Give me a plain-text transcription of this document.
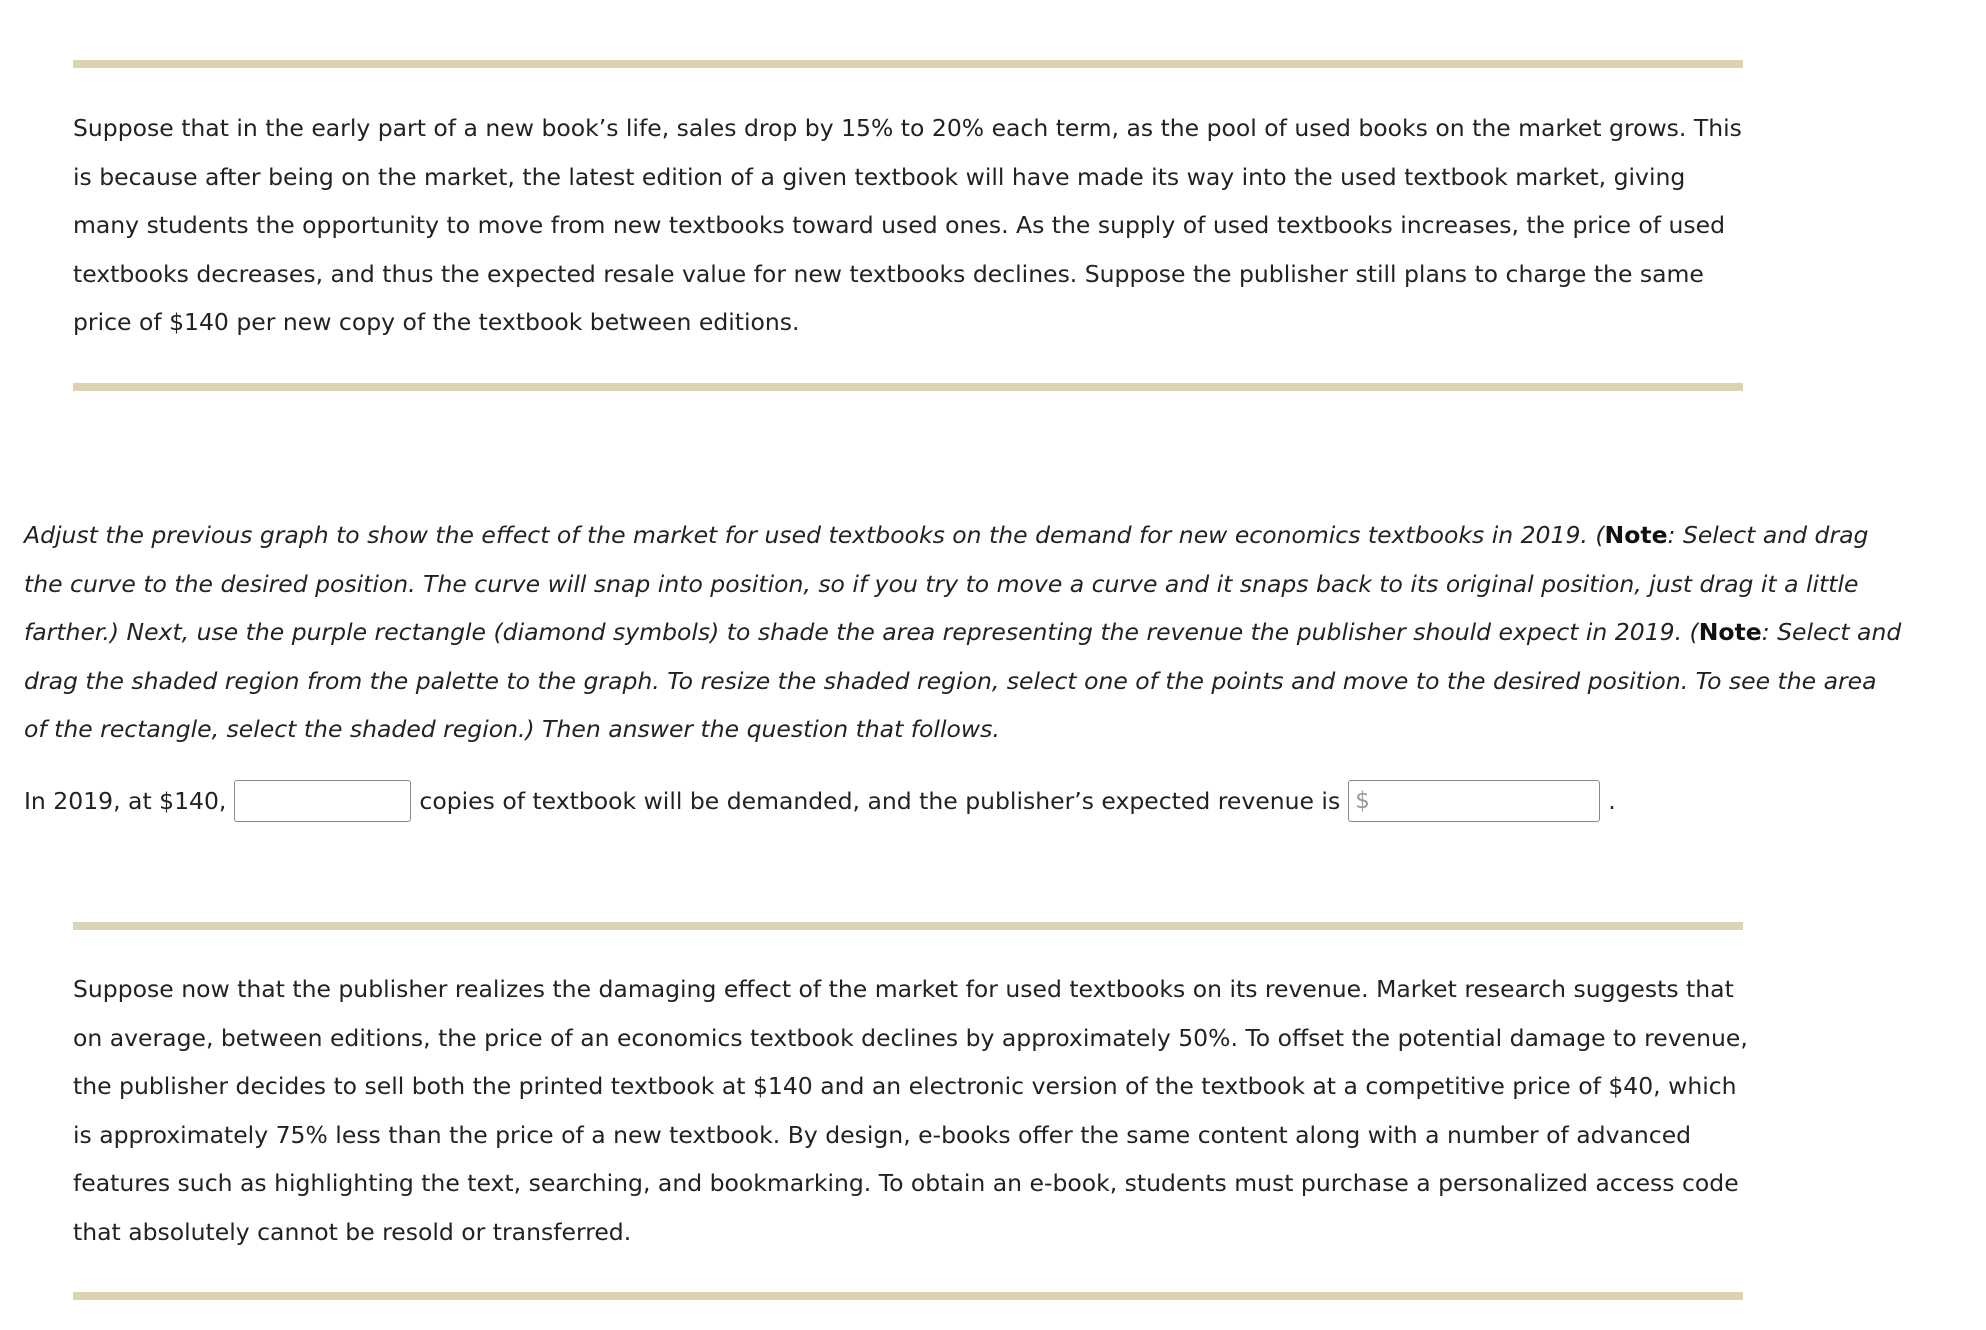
Suppose that in the early part of a new book’s life, sales drop by 15% to 20% each term, as the pool of used books on the market grows. This is because after being on the market, the latest edition of a given textbook will have made its way into the used textbook market, giving many students the opportunity to move from new textbooks toward used ones. As the supply of used textbooks increases, the price of used textbooks decreases, and thus the expected resale value for new textbooks declines. Suppose the publisher still plans to charge the same price of $140 per new copy of the textbook between editions.

Adjust the previous graph to show the effect of the market for used textbooks on the demand for new economics textbooks in 2019. (Note: Select and drag the curve to the desired position. The curve will snap into position, so if you try to move a curve and it snaps back to its original position, just drag it a little farther.) Next, use the purple rectangle (diamond symbols) to shade the area representing the revenue the publisher should expect in 2019. (Note: Select and drag the shaded region from the palette to the graph. To resize the shaded region, select one of the points and move to the desired position. To see the area of the rectangle, select the shaded region.) Then answer the question that follows.

In 2019, at $140,	copies of textbook will be demanded, and the publisher’s expected revenue is $	.

Suppose now that the publisher realizes the damaging effect of the market for used textbooks on its revenue. Market research suggests that on average, between editions, the price of an economics textbook declines by approximately 50%. To offset the potential damage to revenue, the publisher decides to sell both the printed textbook at $140 and an electronic version of the textbook at a competitive price of $40, which is approximately 75% less than the price of a new textbook. By design, e-books offer the same content along with a number of advanced features such as highlighting the text, searching, and bookmarking. To obtain an e-book, students must purchase a personalized access code that absolutely cannot be resold or transferred.
